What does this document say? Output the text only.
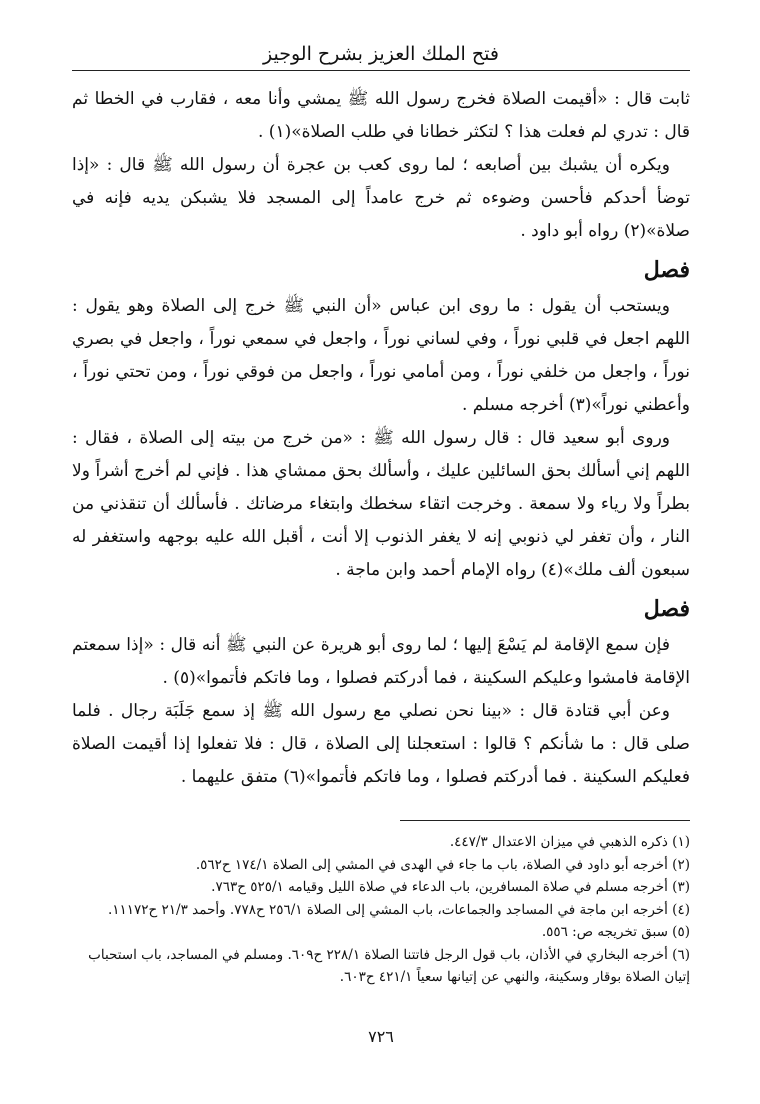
فتح الملك العزيز بشرح الوجيز

ثابت قال : «أقيمت الصلاة فخرج رسول الله ﷺ يمشي وأنا معه ، فقارب في الخطا ثم قال : تدري لم فعلت هذا ؟ لتكثر خطانا في طلب الصلاة»(١) .

ويكره أن يشبك بين أصابعه ؛ لما روى كعب بن عجرة أن رسول الله ﷺ قال : «إذا توضأ أحدكم فأحسن وضوءه ثم خرج عامداً إلى المسجد فلا يشبكن يديه فإنه في صلاة»(٢) رواه أبو داود .

فصل

ويستحب أن يقول : ما روى ابن عباس «أن النبي ﷺ خرج إلى الصلاة وهو يقول : اللهم اجعل في قلبي نوراً ، وفي لساني نوراً ، واجعل في سمعي نوراً ، واجعل في بصري نوراً ، واجعل من خلفي نوراً ، ومن أمامي نوراً ، واجعل من فوقي نوراً ، ومن تحتي نوراً ، وأعطني نوراً»(٣) أخرجه مسلم .

وروى أبو سعيد قال : قال رسول الله ﷺ : «من خرج من بيته إلى الصلاة ، فقال : اللهم إني أسألك بحق السائلين عليك ، وأسألك بحق ممشاي هذا . فإني لم أخرج أشراً ولا بطراً ولا رياء ولا سمعة . وخرجت اتقاء سخطك وابتغاء مرضاتك . فأسألك أن تنقذني من النار ، وأن تغفر لي ذنوبي إنه لا يغفر الذنوب إلا أنت ، أقبل الله عليه بوجهه واستغفر له سبعون ألف ملك»(٤) رواه الإمام أحمد وابن ماجة .

فصل

فإن سمع الإقامة لم يَسْعَ إليها ؛ لما روى أبو هريرة عن النبي ﷺ أنه قال : «إذا سمعتم الإقامة فامشوا وعليكم السكينة ، فما أدركتم فصلوا ، وما فاتكم فأتموا»(٥) .

وعن أبي قتادة قال : «بينا نحن نصلي مع رسول الله ﷺ إذ سمع جَلَبَة رجال . فلما صلى قال : ما شأنكم ؟ قالوا : استعجلنا إلى الصلاة ، قال : فلا تفعلوا إذا أقيمت الصلاة فعليكم السكينة . فما أدركتم فصلوا ، وما فاتكم فأتموا»(٦) متفق عليهما .

(١) ذكره الذهبي في ميزان الاعتدال ٤٤٧/٣.

(٢) أخرجه أبو داود في الصلاة، باب ما جاء في الهدى في المشي إلى الصلاة ١٧٤/١ ح٥٦٢.

(٣) أخرجه مسلم في صلاة المسافرين، باب الدعاء في صلاة الليل وقيامه ٥٢٥/١ ح٧٦٣.

(٤) أخرجه ابن ماجة في المساجد والجماعات، باب المشي إلى الصلاة ٢٥٦/١ ح٧٧٨. وأحمد ٢١/٣ ح١١١٧٢.

(٥) سبق تخريجه ص: ٥٥٦.

(٦) أخرجه البخاري في الأذان، باب قول الرجل فاتتنا الصلاة ٢٢٨/١ ح٦٠٩. ومسلم في المساجد، باب استحباب إتيان الصلاة بوقار وسكينة، والنهي عن إتيانها سعياً ٤٢١/١ ح٦٠٣.

٧٢٦
